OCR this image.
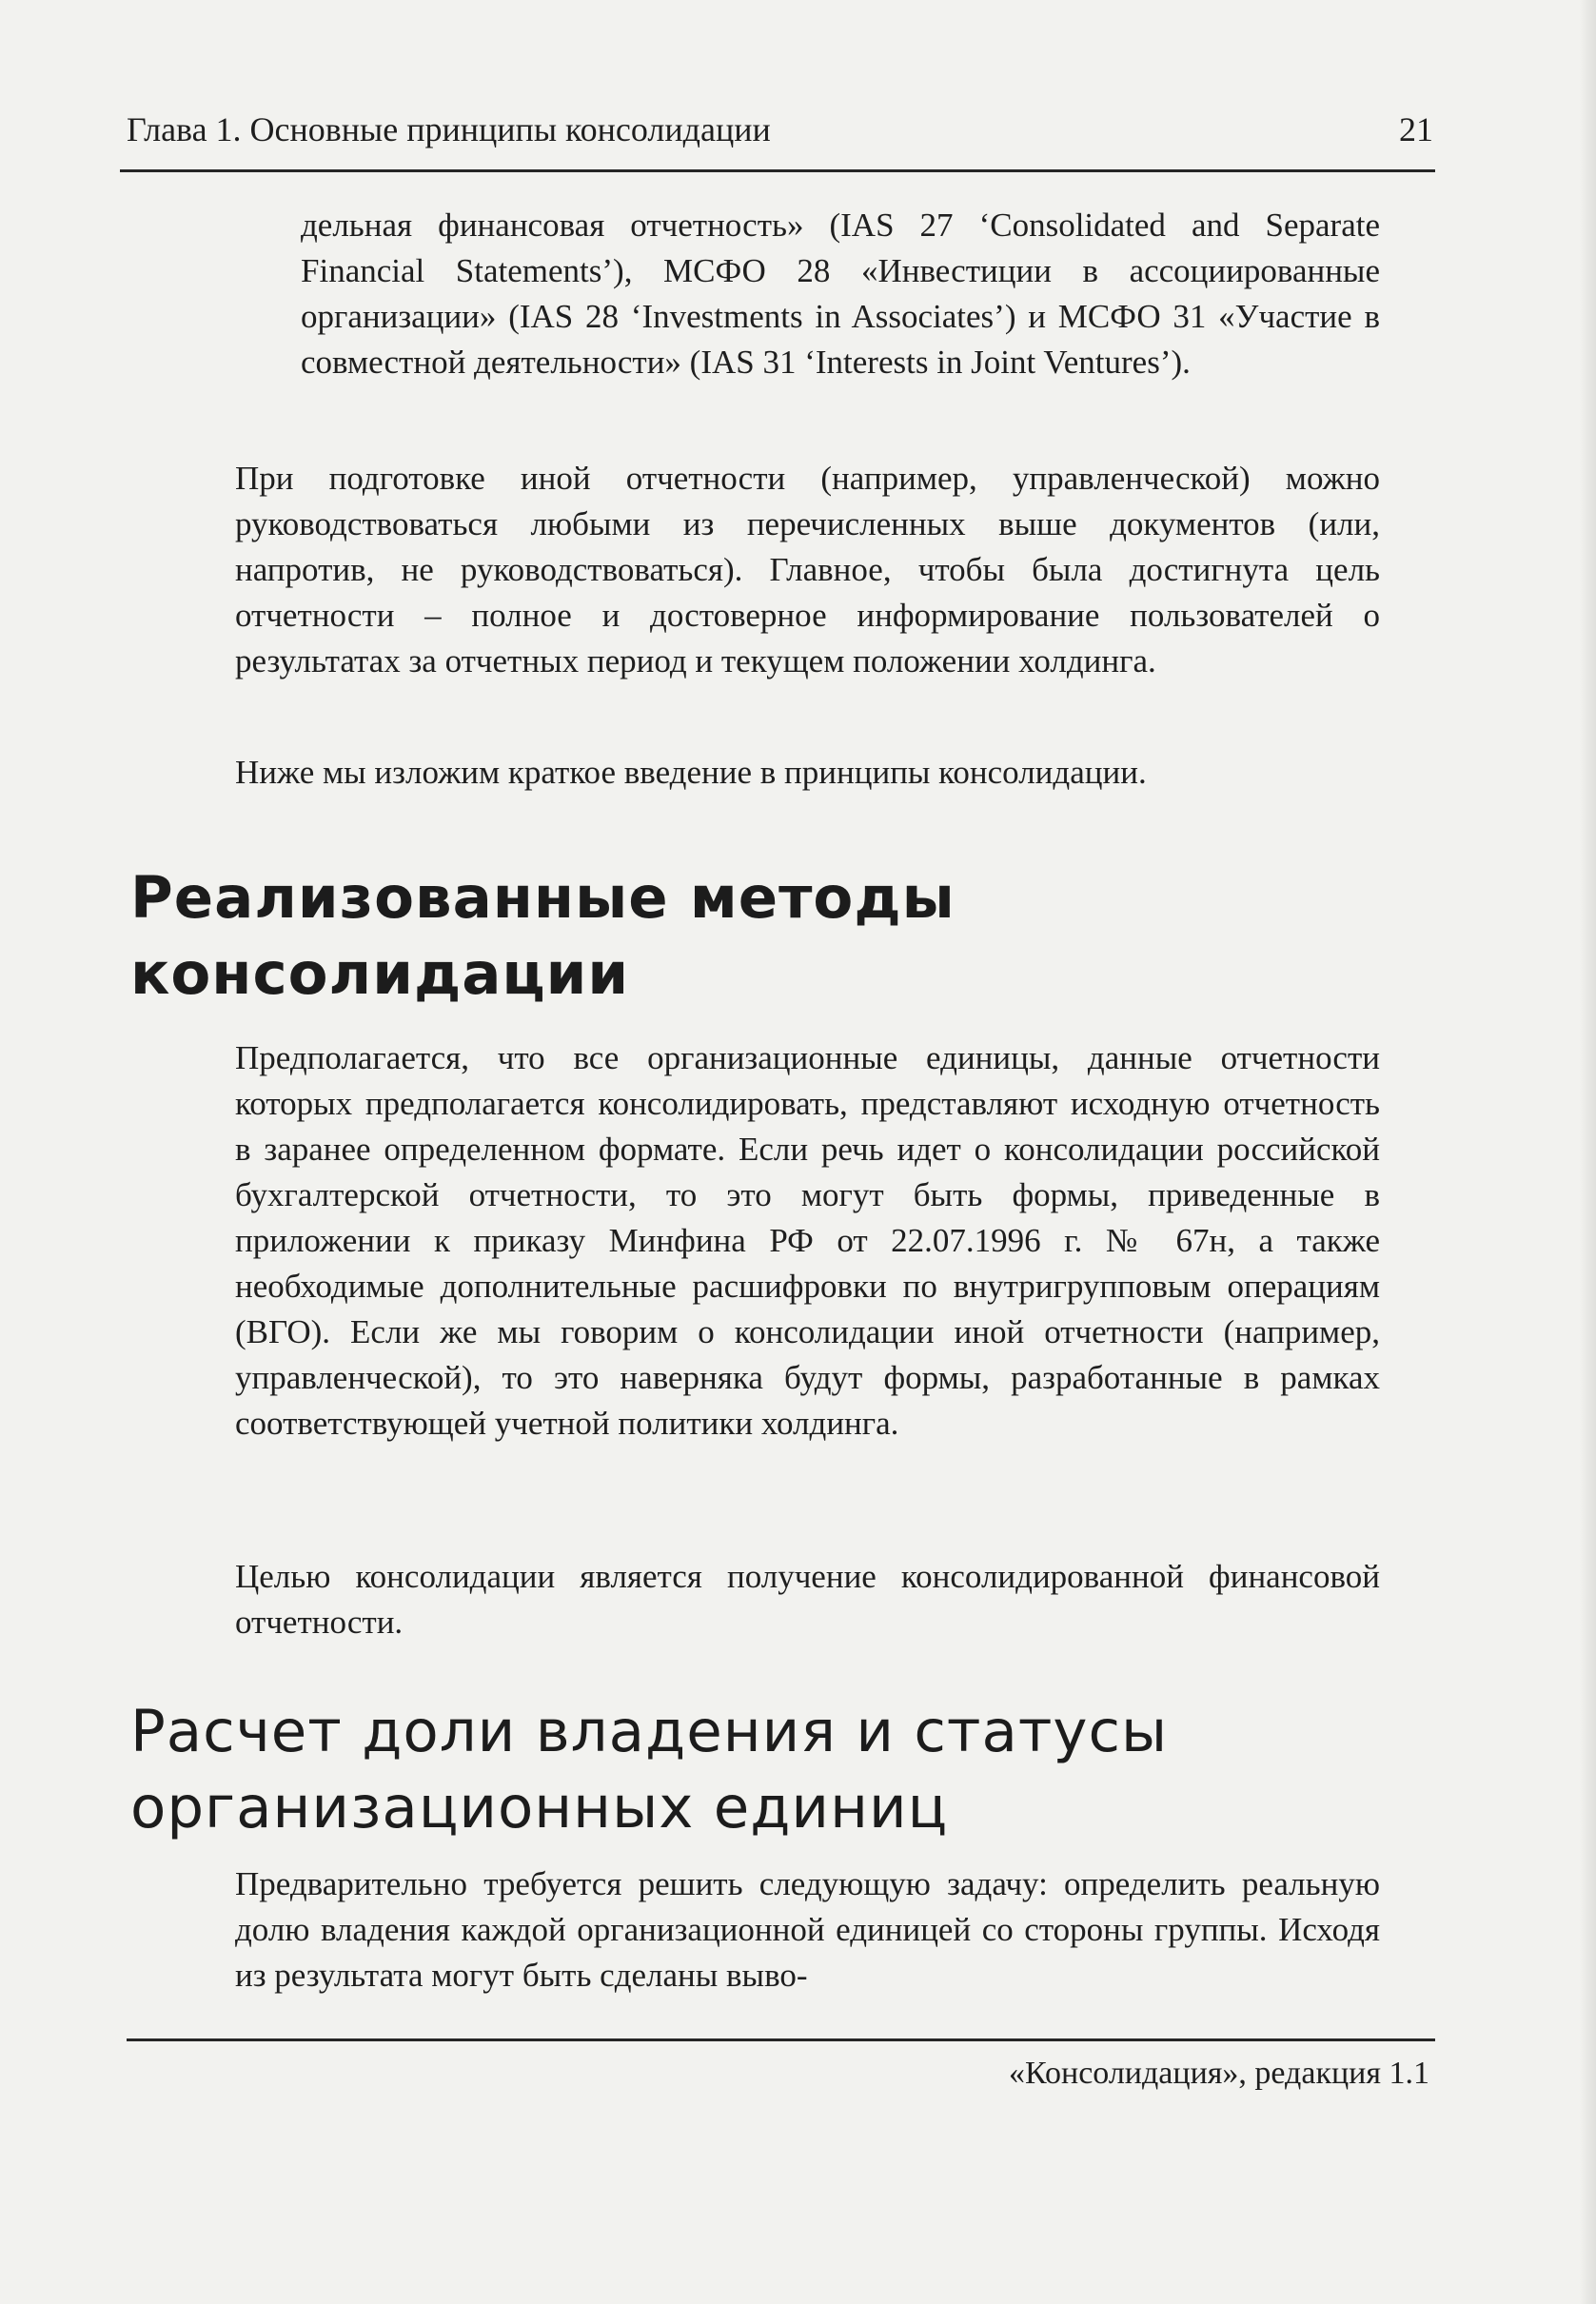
Глава 1. Основные принципы консолидации	21

дельная финансовая отчетность» (IAS 27 ‘Consolidated and Separate Financial Statements’), МСФО 28 «Инвестиции в ассоциированные организации» (IAS 28 ‘Investments in Associates’) и МСФО 31 «Участие в совместной деятельности» (IAS 31 ‘Interests in Joint Ventures’).

При подготовке иной отчетности (например, управленческой) можно руководствоваться любыми из перечисленных выше документов (или, напротив, не руководствоваться). Главное, чтобы была достигнута цель отчетности – полное и достоверное информирование пользователей о результатах за отчетных период и текущем положении холдинга.

Ниже мы изложим краткое введение в принципы консолидации.

Реализованные методы консолидации

Предполагается, что все организационные единицы, данные отчетности которых предполагается консолидировать, представляют исходную отчетность в заранее определенном формате. Если речь идет о консолидации российской бухгалтерской отчетности, то это могут быть формы, приведенные в приложении к приказу Минфина РФ от 22.07.1996 г. № 67н, а также необходимые дополнительные расшифровки по внутригрупповым операциям (ВГО). Если же мы говорим о консолидации иной отчетности (например, управленческой), то это наверняка будут формы, разработанные в рамках соответствующей учетной политики холдинга.

Целью консолидации является получение консолидированной финансовой отчетности.

Расчет доли владения и статусы организационных единиц

Предварительно требуется решить следующую задачу: определить реальную долю владения каждой организационной единицей со стороны группы. Исходя из результата могут быть сделаны выво-

«Консолидация», редакция 1.1
